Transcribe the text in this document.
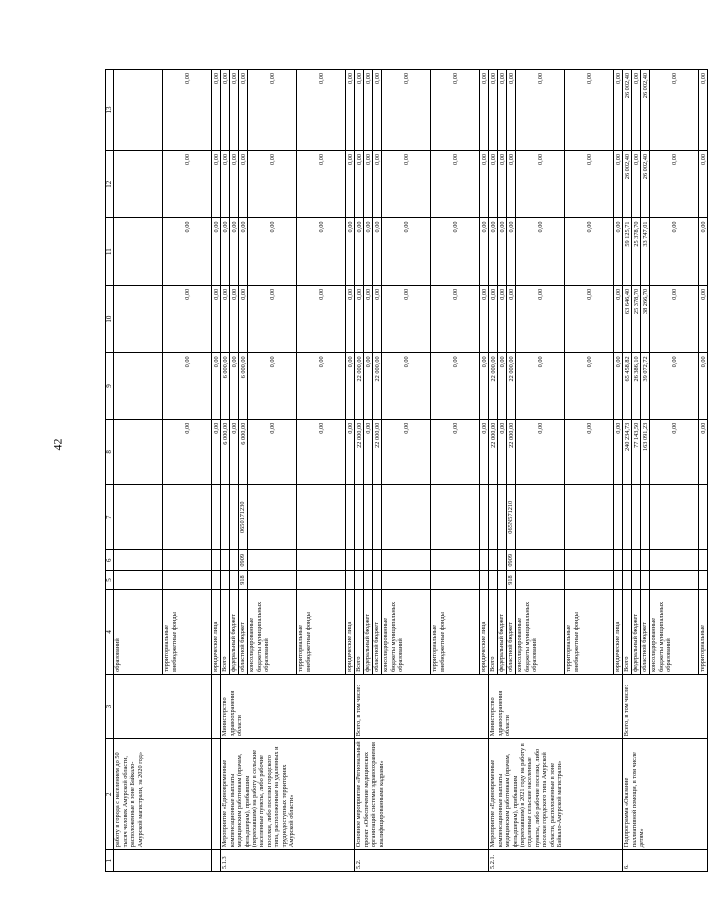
42
1	2	3	4	5	6	7	8	9	10	11	12	13
	работу в города с населением до 50 тысяч человек Амурской области, расположенные в зоне Байкало-Амурской магистрали, за 2020 год»		образований									
			территориальные внебюджетные фонды				0,00	0,00	0,00	0,00	0,00	0,00
			юридические лица				0,00	0,00	0,00	0,00	0,00	0,00
5.1.3	Мероприятие «Единовременные компенсационные выплаты медицинским работникам (врачам, фельдшерам), прибывшим (переехавшим) на работу в сельские населенные пункты, либо рабочие поселки, либо поселки городского типа, расположенные на удаленных и труднодоступных территориях Амурской области»	Министерство здравоохранения области	Всего				6 000,00	6 000,00	0,00	0,00	0,00	0,00
			федеральный бюджет				0,00	0,00	0,00	0,00	0,00	0,00
			областной бюджет	918	0909	0650171230	6 000,00	6 000,00	0,00	0,00	0,00	0,00
			консолидированные бюджеты муниципальных образований				0,00	0,00	0,00	0,00	0,00	0,00
			территориальные внебюджетные фонды				0,00	0,00	0,00	0,00	0,00	0,00
			юридические лица				0,00	0,00	0,00	0,00	0,00	0,00
5.2.	Основное мероприятие «Региональный проект «Обеспечение медицинских организаций системы здравоохранения квалифицированными кадрами»	Всего, в том числе:	Всего				22 000,00	22 000,00	0,00	0,00	0,00	0,00
			федеральный бюджет				0,00	0,00	0,00	0,00	0,00	0,00
			областной бюджет				22 000,00	22 000,00	0,00	0,00	0,00	0,00
			консолидированные бюджеты муниципальных образований				0,00	0,00	0,00	0,00	0,00	0,00
			территориальные внебюджетные фонды				0,00	0,00	0,00	0,00	0,00	0,00
			юридические лица				0,00	0,00	0,00	0,00	0,00	0,00
5.2.1.	Мероприятие «Единовременные компенсационные выплаты медицинским работникам (врачам, фельдшерам), прибывшим (переехавшим) в 2021 году на работу в отдаленные сельские населенные пункты, либо рабочие поселки, либо поселки городского типа Амурской области, расположенные в зоне Байкало-Амурской магистрали»	Министерство здравоохранения области	Всего				22 000,00	22 000,00	0,00	0,00	0,00	0,00
			федеральный бюджет				0,00	0,00	0,00	0,00	0,00	0,00
			областной бюджет	918	0909	065N571210	22 000,00	22 000,00	0,00	0,00	0,00	0,00
			консолидированные бюджеты муниципальных образований				0,00	0,00	0,00	0,00	0,00	0,00
			территориальные внебюджетные фонды				0,00	0,00	0,00	0,00	0,00	0,00
			юридические лица				0,00	0,00	0,00	0,00	0,00	0,00
6.	Подпрограмма «Оказание паллиативной помощи, в том числе детям»	Всего, в том числе:	Всего				240 234,73	65 458,82	63 646,40	59 125,71	26 002,40	26 002,40
			федеральный бюджет				77 143,50	26 386,10	25 378,70	25 378,70	0,00	0,00
			областной бюджет				163 091,23	39 072,72	38 266,70	33 747,01	26 002,40	26 002,40
			консолидированные бюджеты муниципальных образований				0,00	0,00	0,00	0,00	0,00	0,00
			территориальные				0,00	0,00	0,00	0,00	0,00	0,00
